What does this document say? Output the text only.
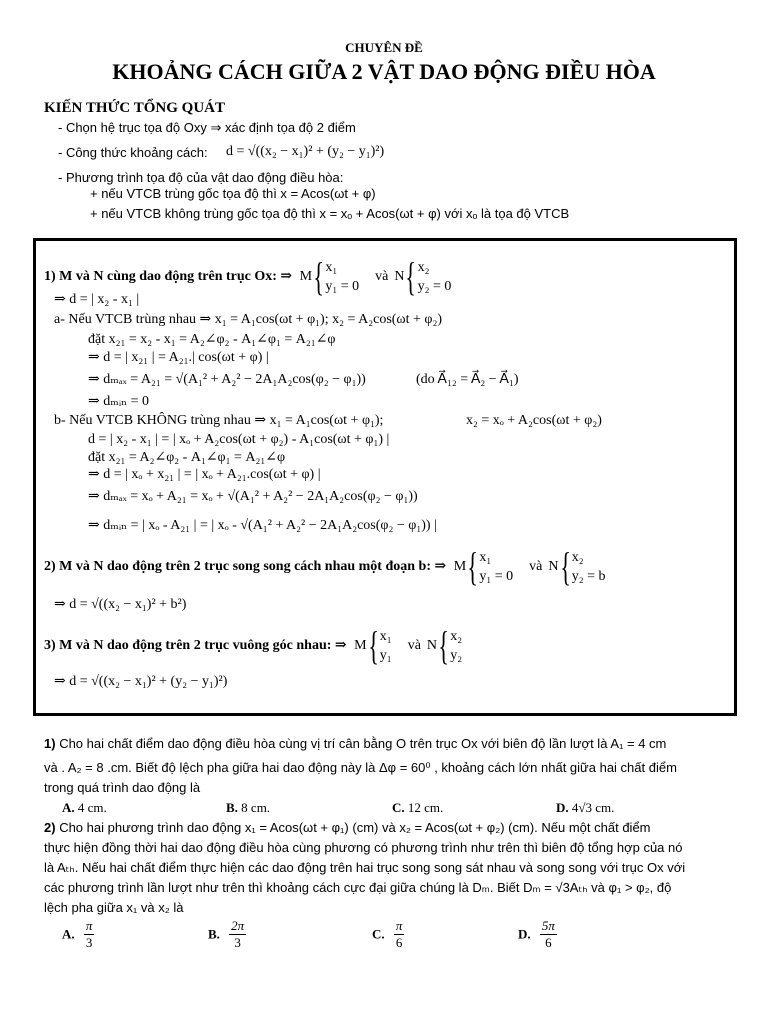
CHUYÊN ĐỀ
KHOẢNG CÁCH GIỮA 2 VẬT DAO ĐỘNG ĐIỀU HÒA
KIẾN THỨC TỔNG QUÁT
- Chọn hệ trục tọa độ Oxy ⇒ xác định tọa độ 2 điểm
- Công thức khoảng cách: d = √((x₂ − x₁)² + (y₂ − y₁)²)
- Phương trình tọa độ của vật dao động điều hòa:
+ nếu VTCB trùng gốc tọa độ thì x = Acos(ωt + φ)
+ nếu VTCB không trùng gốc tọa độ thì x = xₒ + Acos(ωt + φ) với xₒ là tọa độ VTCB
1) M và N cùng dao động trên trục Ox: ⇒ M { x₁
y₁ = 0
và N { x₂
y₂ = 0
⇒ d = | x₂ - x₁ |
a- Nếu VTCB trùng nhau ⇒ x₁ = A₁cos(ωt + φ₁); x₂ = A₂cos(ωt + φ₂)
đặt x₂₁ = x₂ - x₁ = A₂∠φ₂ - A₁∠φ₁ = A₂₁∠φ
⇒ d = | x₂₁ | = A₂₁.| cos(ωt + φ) |
⇒ dₘₐₓ = A₂₁ = √(A₁² + A₂² − 2A₁A₂cos(φ₂ − φ₁))	(do A⃗₁₂ = A⃗₂ − A⃗₁)
⇒ dₘᵢₙ = 0
b- Nếu VTCB KHÔNG trùng nhau ⇒ x₁ = A₁cos(ωt + φ₁);	x₂ = xₒ + A₂cos(ωt + φ₂)
d = | x₂ - x₁ | = | xₒ + A₂cos(ωt + φ₂) - A₁cos(ωt + φ₁) |
đặt x₂₁ = A₂∠φ₂ - A₁∠φ₁ = A₂₁∠φ
⇒ d = | xₒ + x₂₁ | = | xₒ + A₂₁.cos(ωt + φ) |
⇒ dₘₐₓ = xₒ + A₂₁ = xₒ + √(A₁² + A₂² − 2A₁A₂cos(φ₂ − φ₁))
⇒ dₘᵢₙ = | xₒ - A₂₁ | = | xₒ - √(A₁² + A₂² − 2A₁A₂cos(φ₂ − φ₁)) |
2) M và N dao động trên 2 trục song song cách nhau một đoạn b: ⇒ M { x₁
y₁ = 0
và N { x₂
y₂ = b
⇒ d = √((x₂ − x₁)² + b²)
3) M và N dao động trên 2 trục vuông góc nhau: ⇒ M { x₁
y₁
và N { x₂
y₂
⇒ d = √((x₂ − x₁)² + (y₂ − y₁)²)
1) Cho hai chất điểm dao động điều hòa cùng vị trí cân bằng O trên trục Ox với biên độ lần lượt là A₁ = 4 cm
và . A₂ = 8 .cm. Biết độ lệch pha giữa hai dao động này là Δφ = 60⁰ , khoảng cách lớn nhất giữa hai chất điểm
trong quá trình dao động là
A. 4 cm.	B. 8 cm.	C. 12 cm.	D. 4√3 cm.
2) Cho hai phương trình dao động x₁ = Acos(ωt + φ₁) (cm) và x₂ = Acos(ωt + φ₂) (cm). Nếu một chất điểm
thực hiện đồng thời hai dao động điều hòa cùng phương có phương trình như trên thì biên độ tổng hợp của nó
là Aₜₕ. Nếu hai chất điểm thực hiện các dao động trên hai trục song song sát nhau và song song với trục Ox với
các phương trình lần lượt như trên thì khoảng cách cực đại giữa chúng là Dₘ. Biết Dₘ = √3Aₜₕ và φ₁ > φ₂, độ
lệch pha giữa x₁ và x₂ là
A. $\frac{\pi}{3}$	B. $\frac{2\pi}{3}$	C. $\frac{\pi}{6}$	D. $\frac{5\pi}{6}$
